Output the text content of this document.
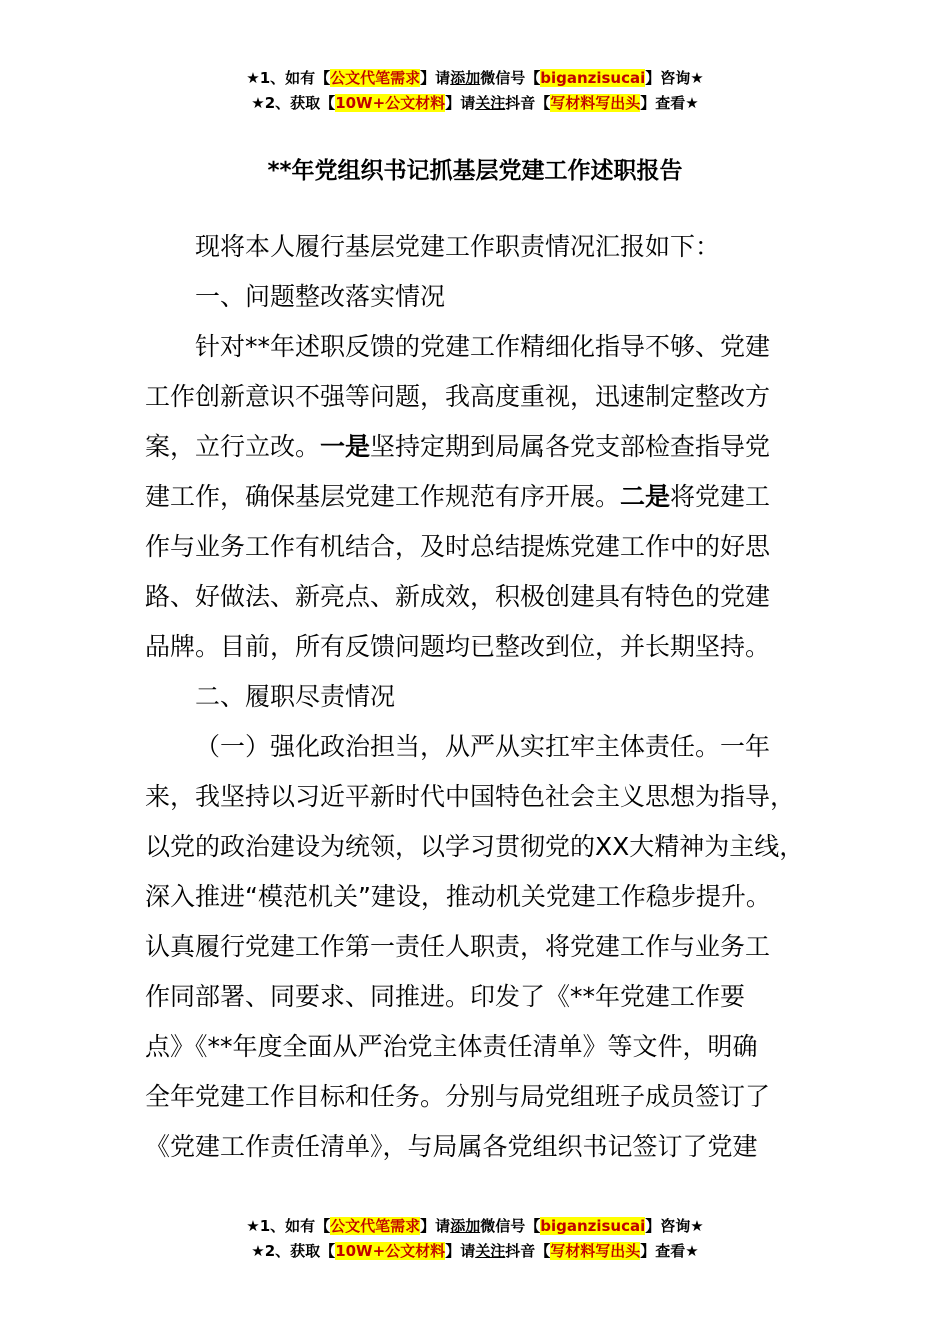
★1、如有【公文代笔需求】请添加微信号【biganzisucai】咨询★
★2、获取【10W+公文材料】请关注抖音【写材料写出头】查看★
**年党组织书记抓基层党建工作述职报告
现将本人履行基层党建工作职责情况汇报如下：
一、问题整改落实情况
针对**年述职反馈的党建工作精细化指导不够、党建
工作创新意识不强等问题，我高度重视，迅速制定整改方
案，立行立改。一是坚持定期到局属各党支部检查指导党
建工作，确保基层党建工作规范有序开展。二是将党建工
作与业务工作有机结合，及时总结提炼党建工作中的好思
路、好做法、新亮点、新成效，积极创建具有特色的党建
品牌。目前，所有反馈问题均已整改到位，并长期坚持。
二、履职尽责情况
（一）强化政治担当，从严从实扛牢主体责任。一年
来，我坚持以习近平新时代中国特色社会主义思想为指导，
以党的政治建设为统领，以学习贯彻党的XX大精神为主线，
深入推进“模范机关”建设，推动机关党建工作稳步提升。
认真履行党建工作第一责任人职责，将党建工作与业务工
作同部署、同要求、同推进。印发了《**年党建工作要
点》《**年度全面从严治党主体责任清单》等文件，明确
全年党建工作目标和任务。分别与局党组班子成员签订了
《党建工作责任清单》，与局属各党组织书记签订了党建
★1、如有【公文代笔需求】请添加微信号【biganzisucai】咨询★
★2、获取【10W+公文材料】请关注抖音【写材料写出头】查看★
